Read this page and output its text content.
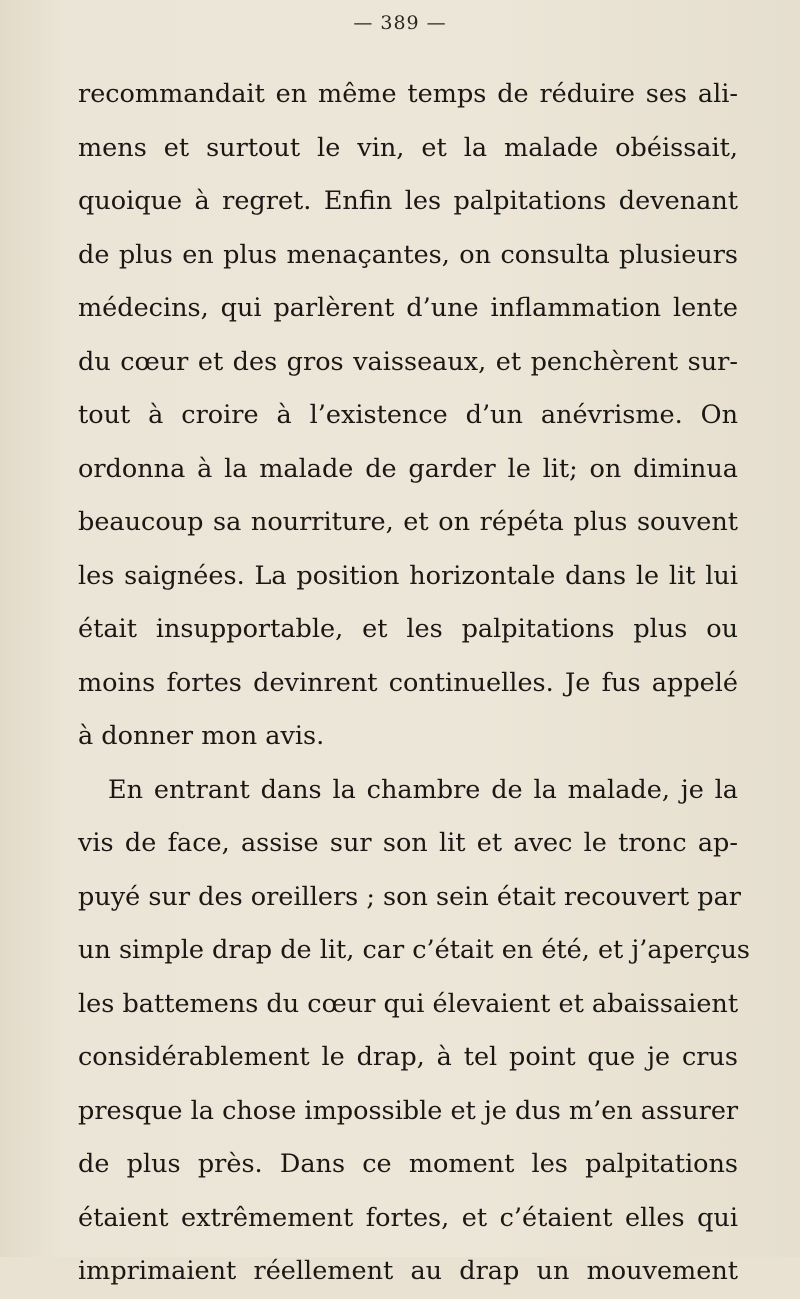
— 389 —
recommandait en même temps de réduire ses ali-
mens et surtout le vin, et la malade obéissait,
quoique à regret. Enfin les palpitations devenant
de plus en plus menaçantes, on consulta plusieurs
médecins, qui parlèrent d’une inflammation lente
du cœur et des gros vaisseaux, et penchèrent sur-
tout à croire à l’existence d’un anévrisme. On
ordonna à la malade de garder le lit; on diminua
beaucoup sa nourriture, et on répéta plus souvent
les saignées. La position horizontale dans le lit lui
était insupportable, et les palpitations plus ou
moins fortes devinrent continuelles. Je fus appelé
à donner mon avis.
En entrant dans la chambre de la malade, je la
vis de face, assise sur son lit et avec le tronc ap-
puyé sur des oreillers ; son sein était recouvert par
un simple drap de lit, car c’était en été, et j’aperçus
les battemens du cœur qui élevaient et abaissaient
considérablement le drap, à tel point que je crus
presque la chose impossible et je dus m’en assurer
de plus près. Dans ce moment les palpitations
étaient extrêmement fortes, et c’étaient elles qui
imprimaient réellement au drap un mouvement
